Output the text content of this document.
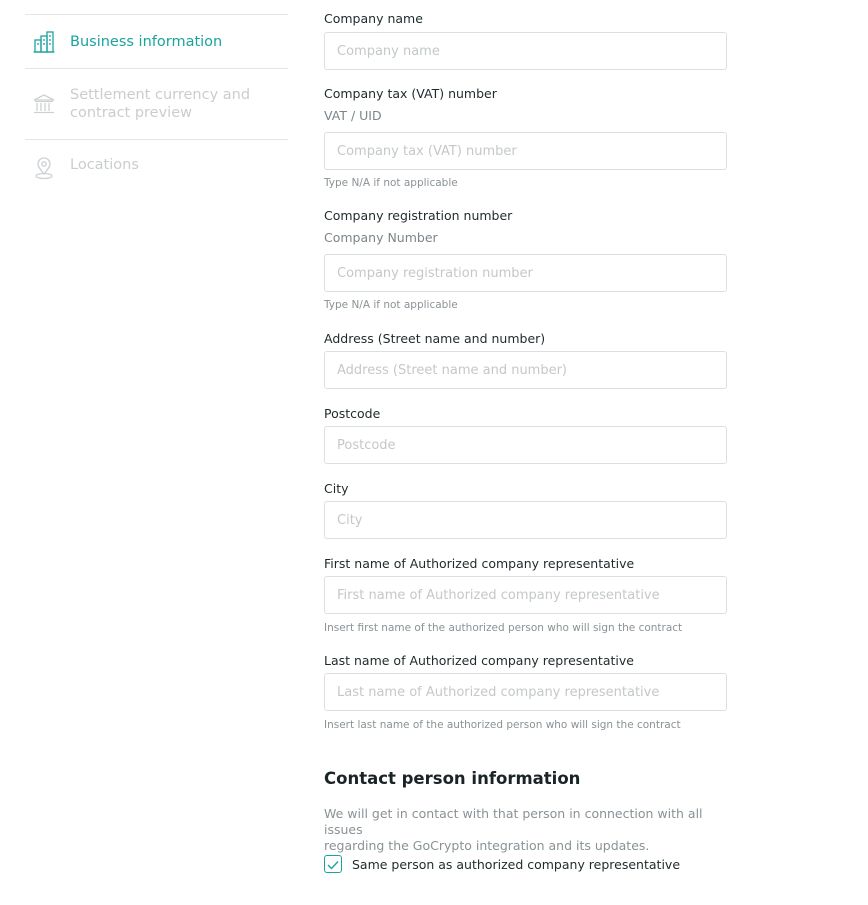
Business information
Settlement currency and
contract preview
Locations
Company name
Company name
Company tax (VAT) number
VAT / UID
Company tax (VAT) number
Type N/A if not applicable
Company registration number
Company Number
Company registration number
Type N/A if not applicable
Address (Street name and number)
Address (Street name and number)
Postcode
Postcode
City
City
First name of Authorized company representative
First name of Authorized company representative
Insert first name of the authorized person who will sign the contract
Last name of Authorized company representative
Last name of Authorized company representative
Insert last name of the authorized person who will sign the contract
Contact person information
We will get in contact with that person in connection with all issues
regarding the GoCrypto integration and its updates.
Same person as authorized company representative
